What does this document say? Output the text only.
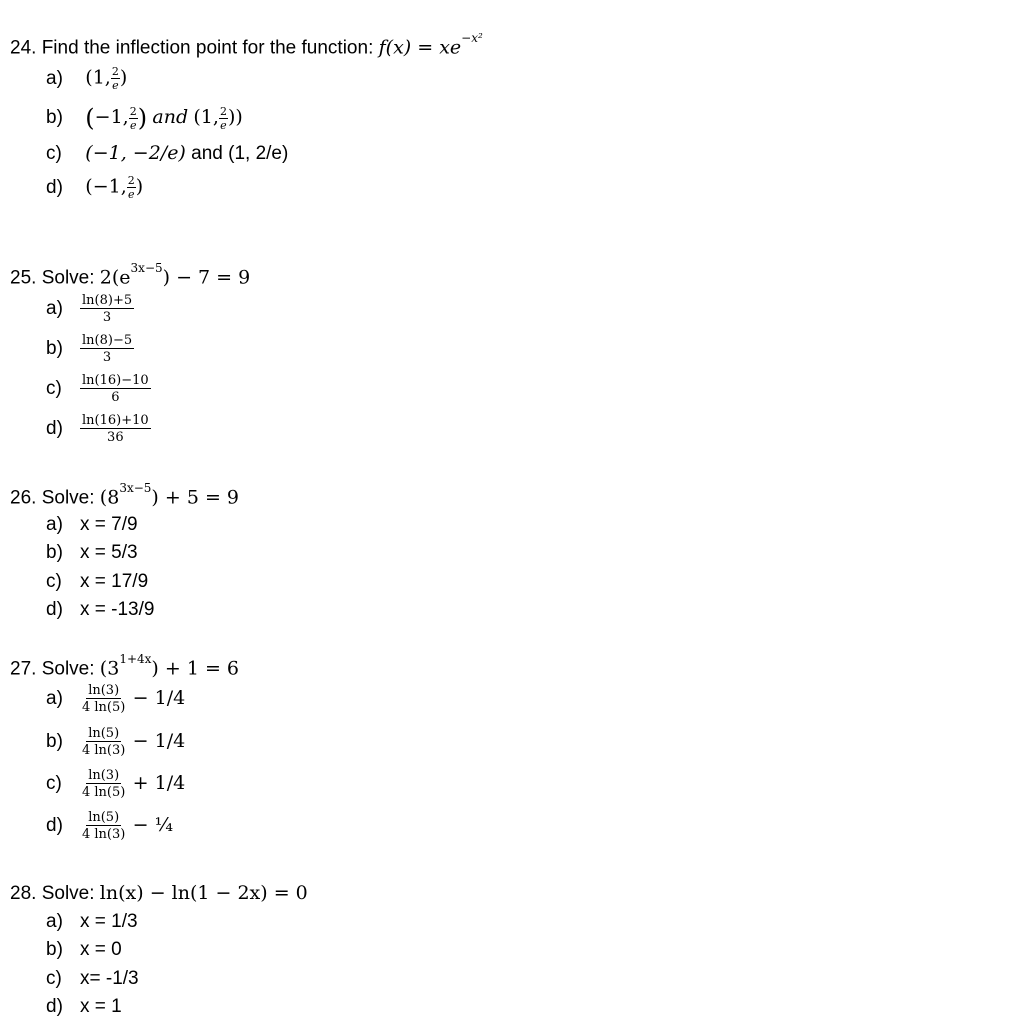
24. Find the inflection point for the function: $f(x) = xe^{-x^2}$
a) (1, $\frac{2}{e}$ )
b) (−1, $\frac{2}{e}$ ) and (1, $\frac{2}{e}$ ))
c) (−1, −2/e) and (1, 2/e)
d) (−1, $\frac{2}{e}$ )
25. Solve: $2(e^{3x-5}) - 7 = 9$
$a) \frac{\ln(8)+5}{3}$
$b) \frac{\ln(8)-5}{3}$
$c) \frac{\ln(16)-10}{6}$
$d) \frac{\ln(16)+10}{36}$
26. Solve: $(8^{3x-5}) + 5 = 9$
a) x = 7/9
b) x = 5/3
c) x = 17/9
d) x = -13/9
27. Solve: $(3^{1+4x}) + 1 = 6$
$a) \frac{\ln(3)}{4 \ln(5)} - 1/4$
$b) \frac{\ln(5)}{4 \ln(3)} - 1/4$
$c) \frac{\ln(3)}{4 \ln(5)} + 1/4$
$d) \frac{\ln(5)}{4 \ln(3)}$ − ¼
28. Solve: ln(x) − ln(1 − 2x) = 0
a) x = 1/3
b) x = 0
c) x= -1/3
d) x = 1
